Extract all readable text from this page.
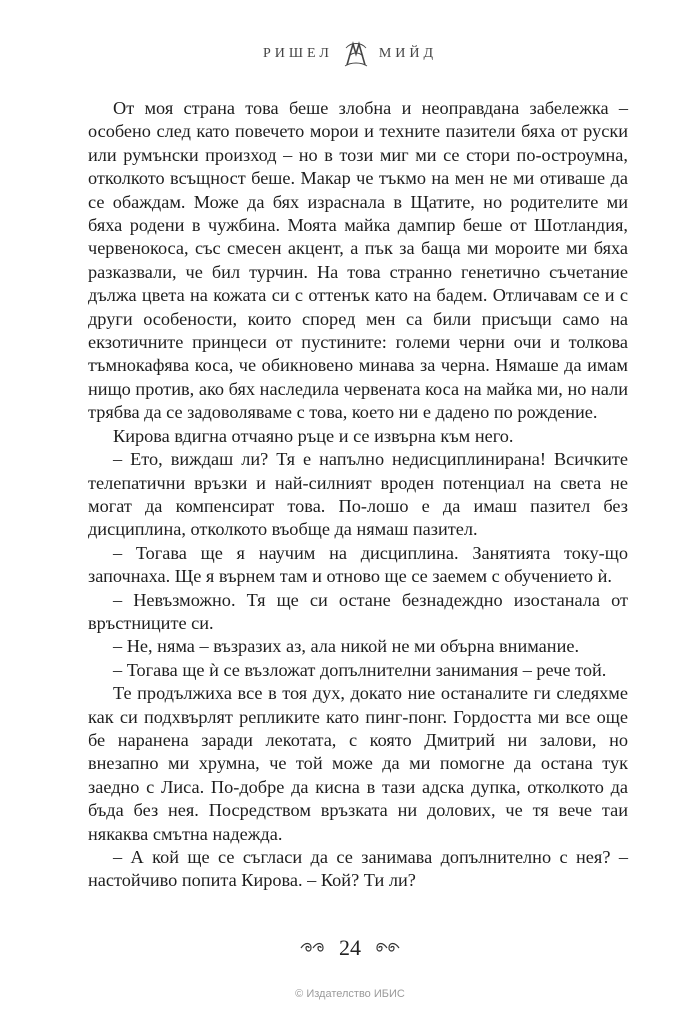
РИШЕЛ	МИЙД

От моя страна това беше злобна и неоправдана забележка – особено след като повечето морои и техните пазители бяха от руски или румънски произход – но в този миг ми се стори по-остроумна, отколкото всъщност беше. Макар че тъкмо на мен не ми отиваше да се обаждам. Може да бях израснала в Щатите, но родителите ми бяха родени в чужбина. Моята майка дампир беше от Шотландия, червенокоса, със смесен акцент, а пък за баща ми мороите ми бяха разказвали, че бил турчин. На това странно генетично съчетание дължа цвета на кожата си с оттенък като на бадем. Отличавам се и с други особености, които според мен са били присъщи само на екзотичните принцеси от пустините: големи черни очи и толкова тъмнокафява коса, че обикновено минава за черна. Нямаше да имам нищо против, ако бях наследила червената коса на майка ми, но нали трябва да се задоволяваме с това, което ни е дадено по рождение.

Кирова вдигна отчаяно ръце и се извърна към него.

– Ето, виждаш ли? Тя е напълно недисциплинирана! Всичките телепатични връзки и най-силният вроден потенциал на света не могат да компенсират това. По-лошо е да имаш пазител без дисциплина, отколкото въобще да нямаш пазител.

– Тогава ще я научим на дисциплина. Занятията току-що започнаха. Ще я върнем там и отново ще се заемем с обучението ѝ.

– Невъзможно. Тя ще си остане безнадеждно изостанала от връстниците си.

– Не, няма – възразих аз, ала никой не ми обърна внимание.

– Тогава ще ѝ се възложат допълнителни занимания – рече той.

Те продължиха все в тоя дух, докато ние останалите ги следяхме как си подхвърлят репликите като пинг-понг. Гордостта ми все още бе наранена заради лекотата, с която Дмитрий ни залови, но внезапно ми хрумна, че той може да ми помогне да остана тук заедно с Лиса. По-добре да кисна в тази адска дупка, отколкото да бъда без нея. Посредством връзката ни доловиx, че тя вече таи някаква смътна надежда.

– А кой ще се съгласи да се занимава допълнително с нея? – настойчиво попита Кирова. – Кой? Ти ли?

24
© Издателство ИБИС
